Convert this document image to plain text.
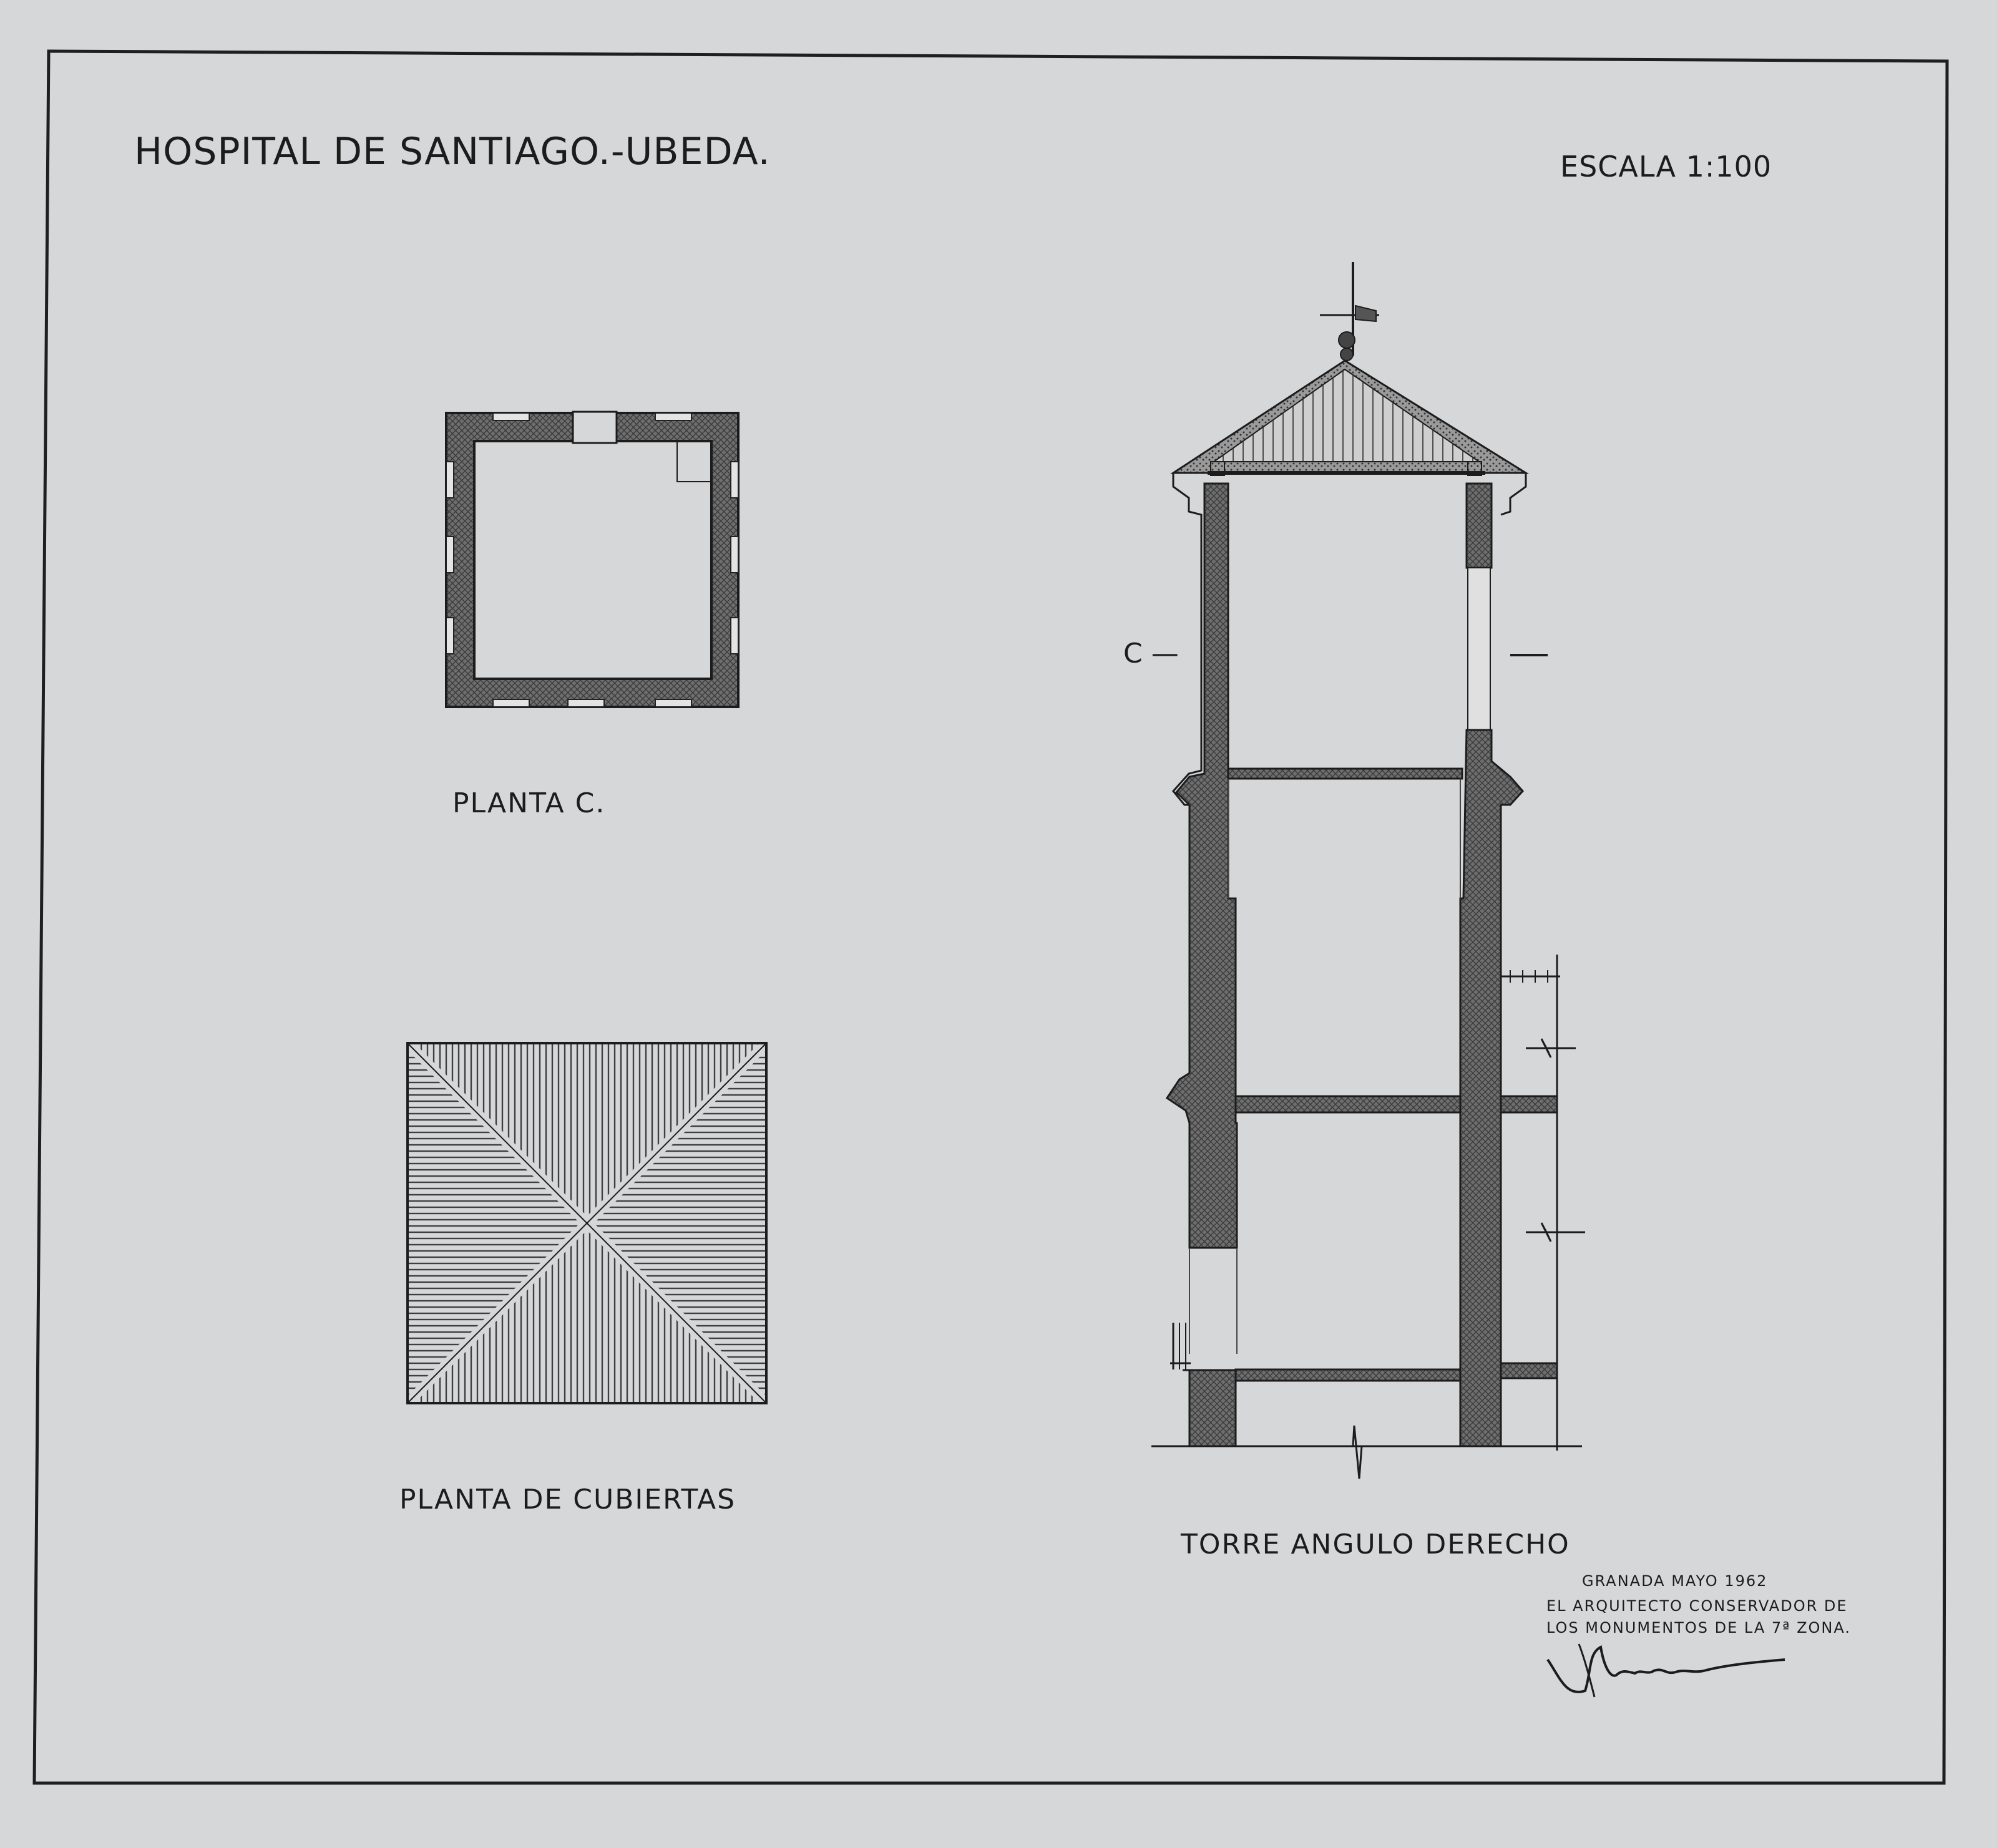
HOSPITAL DE SANTIAGO.-UBEDA.	ESCALA 1:100

PLANTA C.

PLANTA DE CUBIERTAS

TORRE ANGULO DERECHO

C —

GRANADA MAYO 1962

EL ARQUITECTO CONSERVADOR DE

LOS MONUMENTOS DE LA 7ª ZONA.
